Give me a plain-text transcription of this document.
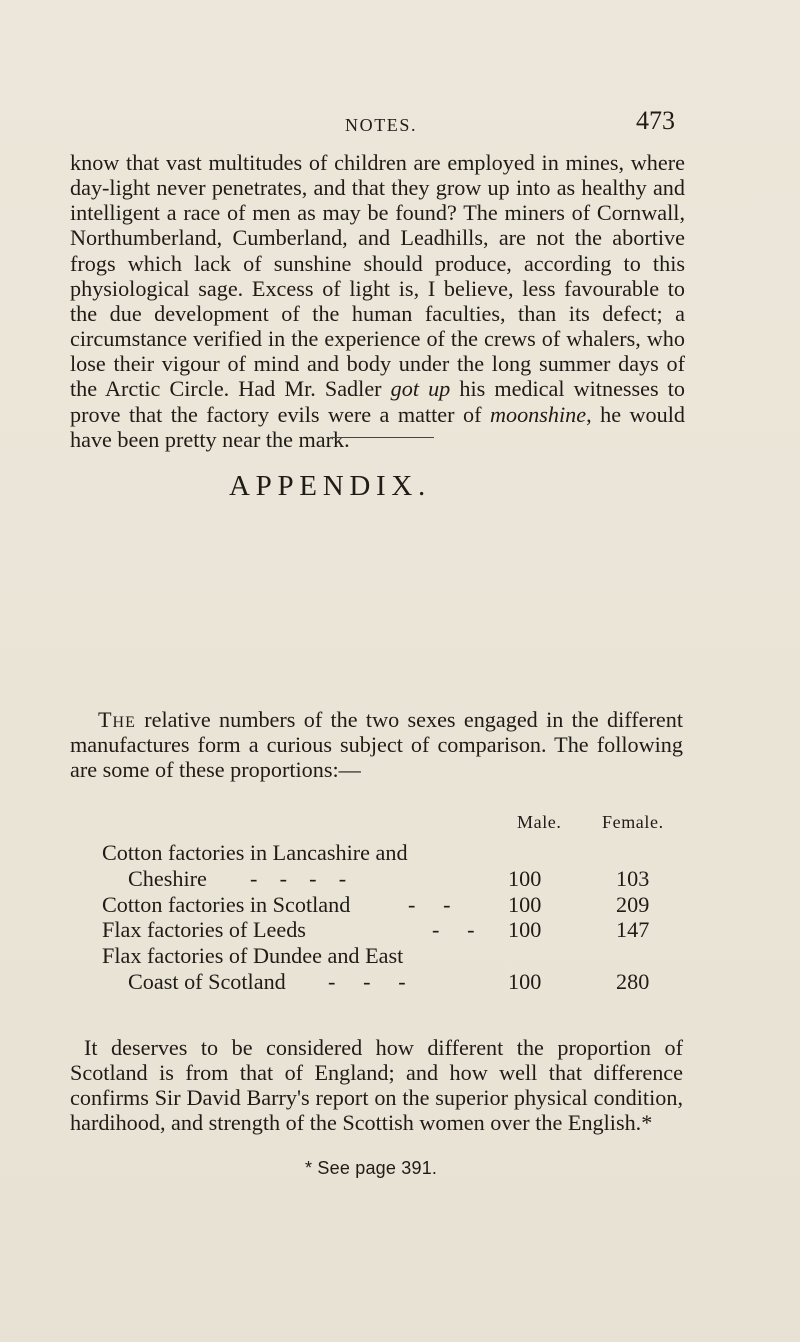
NOTES.	473

know that vast multitudes of children are employed in mines, where day-light never penetrates, and that they grow up into as healthy and intelligent a race of men as may be found? The miners of Cornwall, Northumberland, Cumberland, and Leadhills, are not the abortive frogs which lack of sunshine should produce, according to this physiological sage. Excess of light is, I believe, less favourable to the due development of the human faculties, than its defect; a circumstance verified in the experience of the crews of whalers, who lose their vigour of mind and body under the long summer days of the Arctic Circle. Had Mr. Sadler got up his medical witnesses to prove that the factory evils were a matter of moonshine, he would have been pretty near the mark.

APPENDIX.

The relative numbers of the two sexes engaged in the different manufactures form a curious subject of comparison. The following are some of these proportions:—

Male. Female.
Cotton factories in Lancashire and
Cheshire -    -    -    -	100	103
Cotton factories in Scotland	-     -	100	209
Flax factories of Leeds	-     - 100	147
Flax factories of Dundee and East
Coast of Scotland -     -     -	100	280

It deserves to be considered how different the proportion of Scotland is from that of England; and how well that difference confirms Sir David Barry's report on the superior physical condition, hardihood, and strength of the Scottish women over the English.*

* See page 391.
